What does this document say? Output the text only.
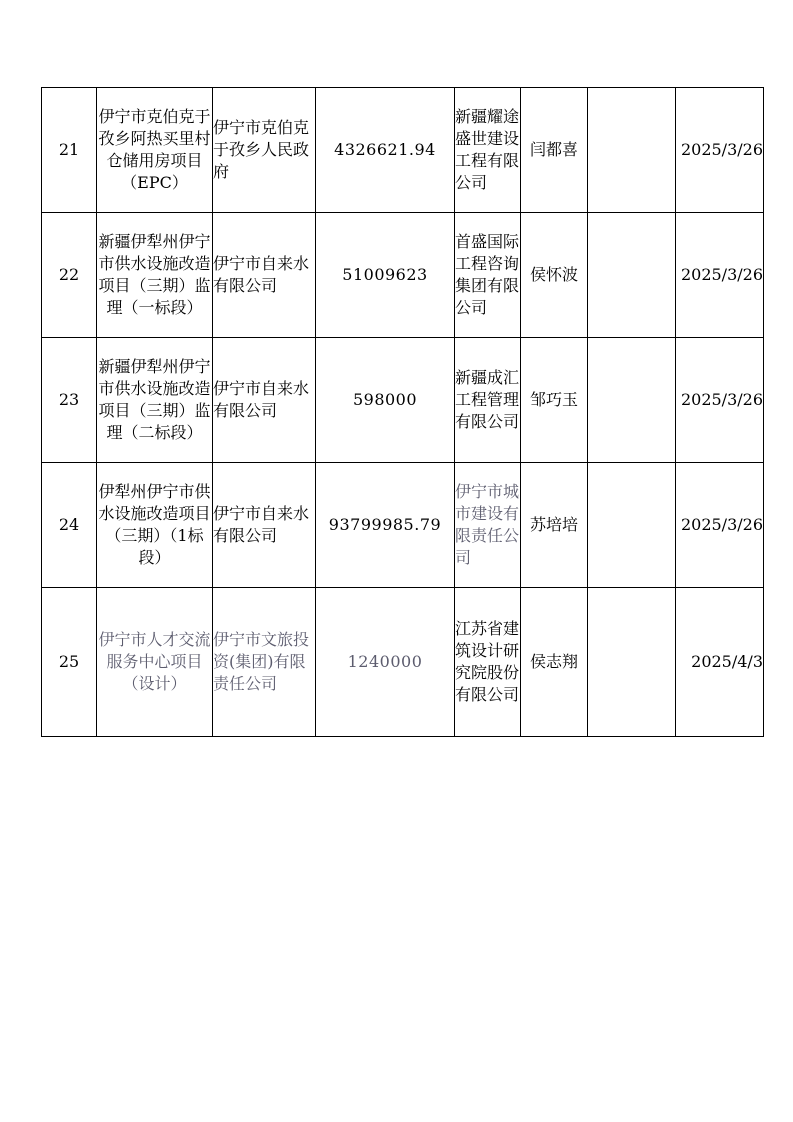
21	伊宁市克伯克于孜乡阿热买里村仓储用房项目（EPC）	伊宁市克伯克于孜乡人民政府	4326621.94	新疆耀途盛世建设工程有限公司	闫都喜		2025/3/26
22	新疆伊犁州伊宁市供水设施改造项目（三期）监理（一标段）	伊宁市自来水有限公司	51009623	首盛国际工程咨询集团有限公司	侯怀波		2025/3/26
23	新疆伊犁州伊宁市供水设施改造项目（三期）监理（二标段）	伊宁市自来水有限公司	598000	新疆成汇工程管理有限公司	邹巧玉		2025/3/26
24	伊犁州伊宁市供水设施改造项目（三期）（1标段）	伊宁市自来水有限公司	93799985.79	伊宁市城市建设有限责任公司	苏培培		2025/3/26
25	伊宁市人才交流服务中心项目（设计）	伊宁市文旅投资(集团)有限责任公司	1240000	江苏省建筑设计研究院股份有限公司	侯志翔		2025/4/3
